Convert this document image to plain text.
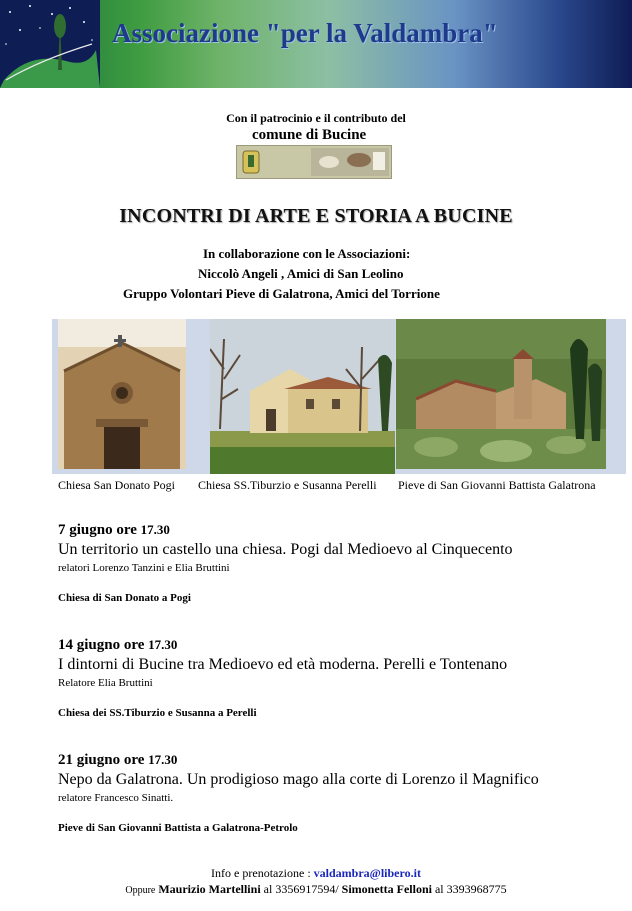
Associazione "per la Valdambra"
Con il patrocinio e il contributo del
comune di Bucine
INCONTRI DI ARTE E STORIA A BUCINE
In collaborazione con le Associazioni:
Niccolò Angeli , Amici di San Leolino
Gruppo Volontari Pieve di Galatrona, Amici del Torrione
Chiesa San Donato Pogi Chiesa SS.Tiburzio e Susanna Perelli Pieve di San Giovanni Battista Galatrona
7 giugno ore 17.30
Un territorio un castello una chiesa. Pogi dal Medioevo al Cinquecento
relatori Lorenzo Tanzini e Elia Bruttini
Chiesa di San Donato a Pogi
14 giugno ore 17.30
I dintorni di Bucine tra Medioevo ed età moderna. Perelli e Tontenano
Relatore Elia Bruttini
Chiesa dei SS.Tiburzio e Susanna a Perelli
21 giugno ore 17.30
Nepo da Galatrona. Un prodigioso mago alla corte di Lorenzo il Magnifico
relatore Francesco Sinatti.
Pieve di San Giovanni Battista a Galatrona-Petrolo
Info e prenotazione : valdambra@libero.it
Oppure Maurizio Martellini al 3356917594/ Simonetta Felloni al 3393968775
